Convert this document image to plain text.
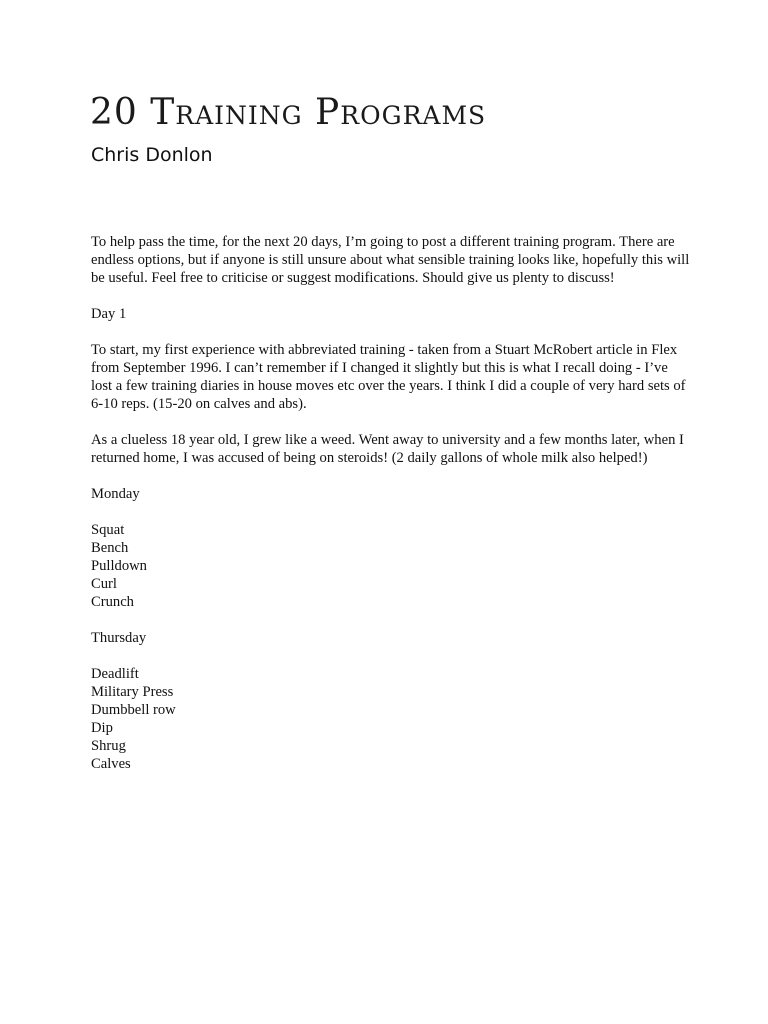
20 Training Programs
Chris Donlon

To help pass the time, for the next 20 days, I’m going to post a different training program. There are endless options, but if anyone is still unsure about what sensible training looks like, hopefully this will be useful. Feel free to criticise or suggest modifications. Should give us plenty to discuss!

Day 1

To start, my first experience with abbreviated training - taken from a Stuart McRobert article in Flex from September 1996. I can’t remember if I changed it slightly but this is what I recall doing - I’ve lost a few training diaries in house moves etc over the years. I think I did a couple of very hard sets of 6-10 reps. (15-20 on calves and abs).

As a clueless 18 year old, I grew like a weed. Went away to university and a few months later, when I returned home, I was accused of being on steroids! (2 daily gallons of whole milk also helped!)

Monday

Squat
Bench
Pulldown
Curl
Crunch

Thursday

Deadlift
Military Press
Dumbbell row
Dip
Shrug
Calves
